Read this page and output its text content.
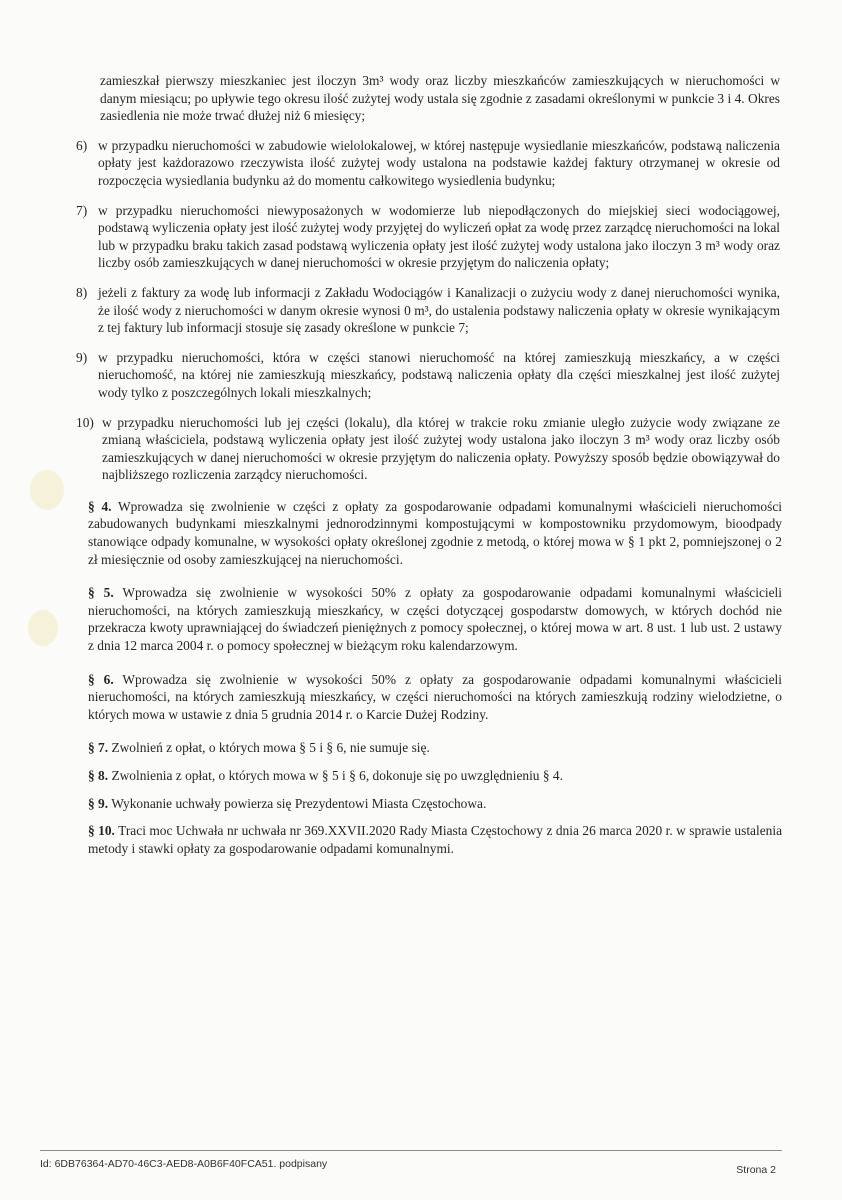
zamieszkał pierwszy mieszkaniec jest iloczyn 3m³ wody oraz liczby mieszkańców zamieszkujących w nieruchomości w danym miesiącu; po upływie tego okresu ilość zużytej wody ustala się zgodnie z zasadami określonymi w punkcie 3 i 4. Okres zasiedlenia nie może trwać dłużej niż 6 miesięcy;
6) w przypadku nieruchomości w zabudowie wielolokalowej, w której następuje wysiedlanie mieszkańców, podstawą naliczenia opłaty jest każdorazowo rzeczywista ilość zużytej wody ustalona na podstawie każdej faktury otrzymanej w okresie od rozpoczęcia wysiedlania budynku aż do momentu całkowitego wysiedlenia budynku;
7) w przypadku nieruchomości niewyposażonych w wodomierze lub niepodłączonych do miejskiej sieci wodociągowej, podstawą wyliczenia opłaty jest ilość zużytej wody przyjętej do wyliczeń opłat za wodę przez zarządcę nieruchomości na lokal lub w przypadku braku takich zasad podstawą wyliczenia opłaty jest ilość zużytej wody ustalona jako iloczyn 3 m³ wody oraz liczby osób zamieszkujących w danej nieruchomości w okresie przyjętym do naliczenia opłaty;
8) jeżeli z faktury za wodę lub informacji z Zakładu Wodociągów i Kanalizacji o zużyciu wody z danej nieruchomości wynika, że ilość wody z nieruchomości w danym okresie wynosi 0 m³, do ustalenia podstawy naliczenia opłaty w okresie wynikającym z tej faktury lub informacji stosuje się zasady określone w punkcie 7;
9) w przypadku nieruchomości, która w części stanowi nieruchomość na której zamieszkują mieszkańcy, a w części nieruchomość, na której nie zamieszkują mieszkańcy, podstawą naliczenia opłaty dla części mieszkalnej jest ilość zużytej wody tylko z poszczególnych lokali mieszkalnych;
10) w przypadku nieruchomości lub jej części (lokalu), dla której w trakcie roku zmianie uległo zużycie wody związane ze zmianą właściciela, podstawą wyliczenia opłaty jest ilość zużytej wody ustalona jako iloczyn 3 m³ wody oraz liczby osób zamieszkujących w danej nieruchomości w okresie przyjętym do naliczenia opłaty. Powyższy sposób będzie obowiązywał do najbliższego rozliczenia zarządcy nieruchomości.

§ 4. Wprowadza się zwolnienie w części z opłaty za gospodarowanie odpadami komunalnymi właścicieli nieruchomości zabudowanych budynkami mieszkalnymi jednorodzinnymi kompostującymi w kompostowniku przydomowym, bioodpady stanowiące odpady komunalne, w wysokości opłaty określonej zgodnie z metodą, o której mowa w § 1 pkt 2, pomniejszonej o 2 zł miesięcznie od osoby zamieszkującej na nieruchomości.

§ 5. Wprowadza się zwolnienie w wysokości 50% z opłaty za gospodarowanie odpadami komunalnymi właścicieli nieruchomości, na których zamieszkują mieszkańcy, w części dotyczącej gospodarstw domowych, w których dochód nie przekracza kwoty uprawniającej do świadczeń pieniężnych z pomocy społecznej, o której mowa w art. 8 ust. 1 lub ust. 2 ustawy z dnia 12 marca 2004 r. o pomocy społecznej w bieżącym roku kalendarzowym.

§ 6. Wprowadza się zwolnienie w wysokości 50% z opłaty za gospodarowanie odpadami komunalnymi właścicieli nieruchomości, na których zamieszkują mieszkańcy, w części nieruchomości na których zamieszkują rodziny wielodzietne, o których mowa w ustawie z dnia 5 grudnia 2014 r. o Karcie Dużej Rodziny.

§ 7. Zwolnień z opłat, o których mowa § 5 i § 6, nie sumuje się.

§ 8. Zwolnienia z opłat, o których mowa w § 5 i § 6, dokonuje się po uwzględnieniu § 4.

§ 9. Wykonanie uchwały powierza się Prezydentowi Miasta Częstochowa.

§ 10. Traci moc Uchwała nr uchwała nr 369.XXVII.2020 Rady Miasta Częstochowy z dnia 26 marca 2020 r. w sprawie ustalenia metody i stawki opłaty za gospodarowanie odpadami komunalnymi.

Id: 6DB76364-AD70-46C3-AED8-A0B6F40FCA51. podpisany	Strona 2
